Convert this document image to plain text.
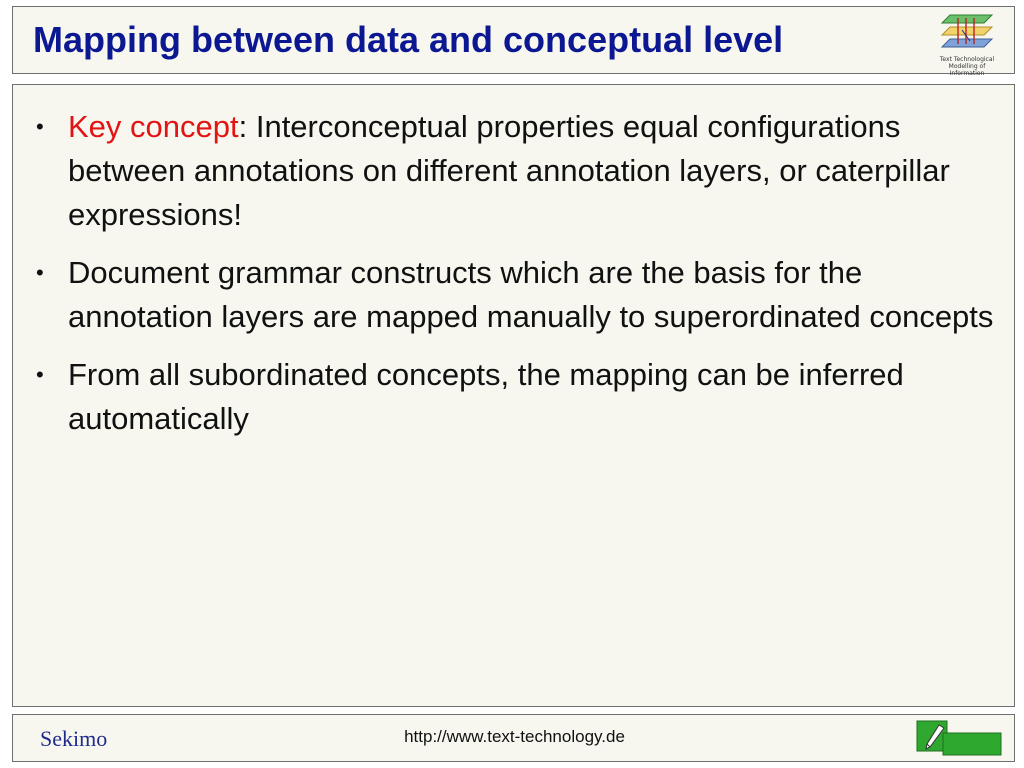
Mapping between data and conceptual level	Text Technological
Modelling of Information
• Key concept: Interconceptual properties equal configurations between annotations on different annotation layers, or caterpillar expressions!
• Document grammar constructs which are the basis for the annotation layers are mapped manually to superordinated concepts
• From all subordinated concepts, the mapping can be inferred automatically
Sekimo	http://www.text-technology.de
